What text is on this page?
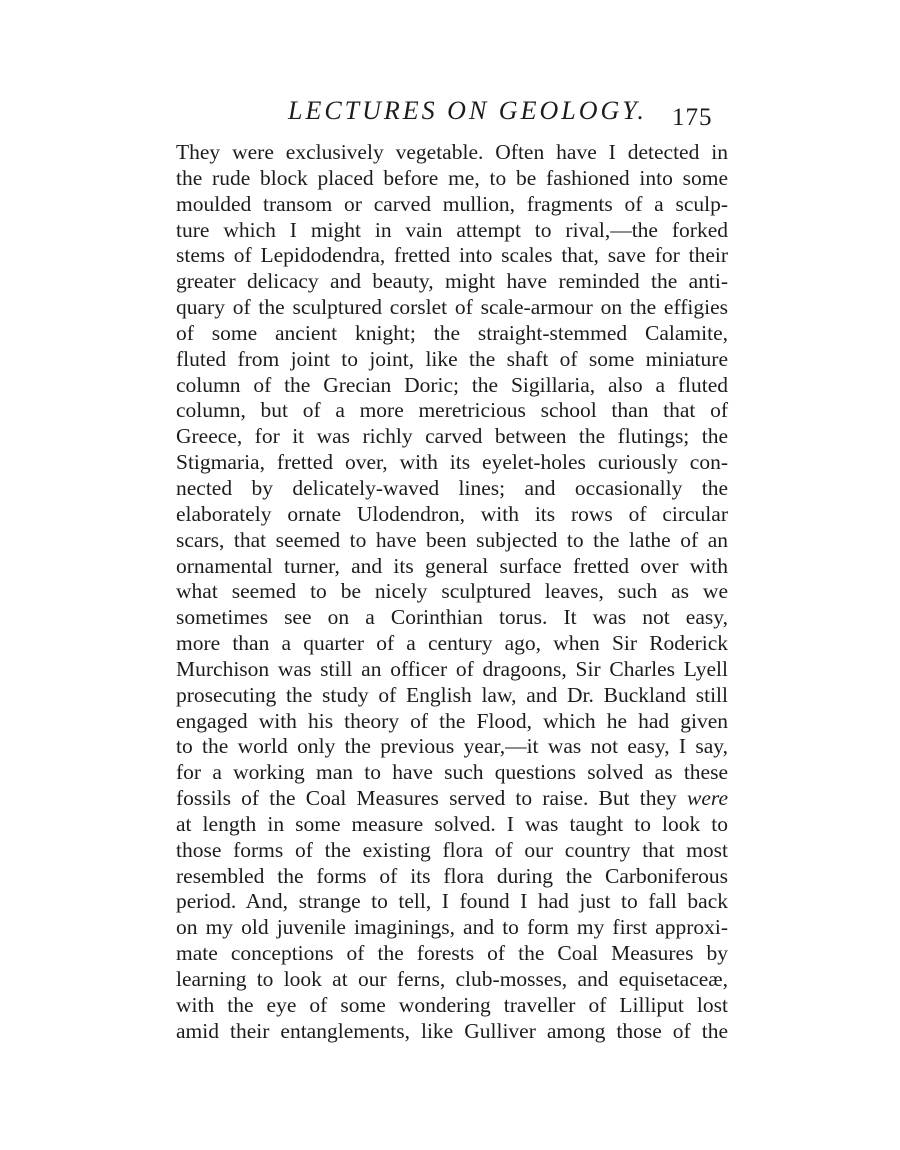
LECTURES ON GEOLOGY. 175
They were exclusively vegetable. Often have I detected in
the rude block placed before me, to be fashioned into some
moulded transom or carved mullion, fragments of a sculp-
ture which I might in vain attempt to rival,—the forked
stems of Lepidodendra, fretted into scales that, save for their
greater delicacy and beauty, might have reminded the anti-
quary of the sculptured corslet of scale-armour on the effigies
of some ancient knight; the straight-stemmed Calamite,
fluted from joint to joint, like the shaft of some miniature
column of the Grecian Doric; the Sigillaria, also a fluted
column, but of a more meretricious school than that of
Greece, for it was richly carved between the flutings; the
Stigmaria, fretted over, with its eyelet-holes curiously con-
nected by delicately-waved lines; and occasionally the
elaborately ornate Ulodendron, with its rows of circular
scars, that seemed to have been subjected to the lathe of an
ornamental turner, and its general surface fretted over with
what seemed to be nicely sculptured leaves, such as we
sometimes see on a Corinthian torus. It was not easy,
more than a quarter of a century ago, when Sir Roderick
Murchison was still an officer of dragoons, Sir Charles Lyell
prosecuting the study of English law, and Dr. Buckland still
engaged with his theory of the Flood, which he had given
to the world only the previous year,—it was not easy, I say,
for a working man to have such questions solved as these
fossils of the Coal Measures served to raise. But they were
at length in some measure solved. I was taught to look to
those forms of the existing flora of our country that most
resembled the forms of its flora during the Carboniferous
period. And, strange to tell, I found I had just to fall back
on my old juvenile imaginings, and to form my first approxi-
mate conceptions of the forests of the Coal Measures by
learning to look at our ferns, club-mosses, and equisetaceæ,
with the eye of some wondering traveller of Lilliput lost
amid their entanglements, like Gulliver among those of the
